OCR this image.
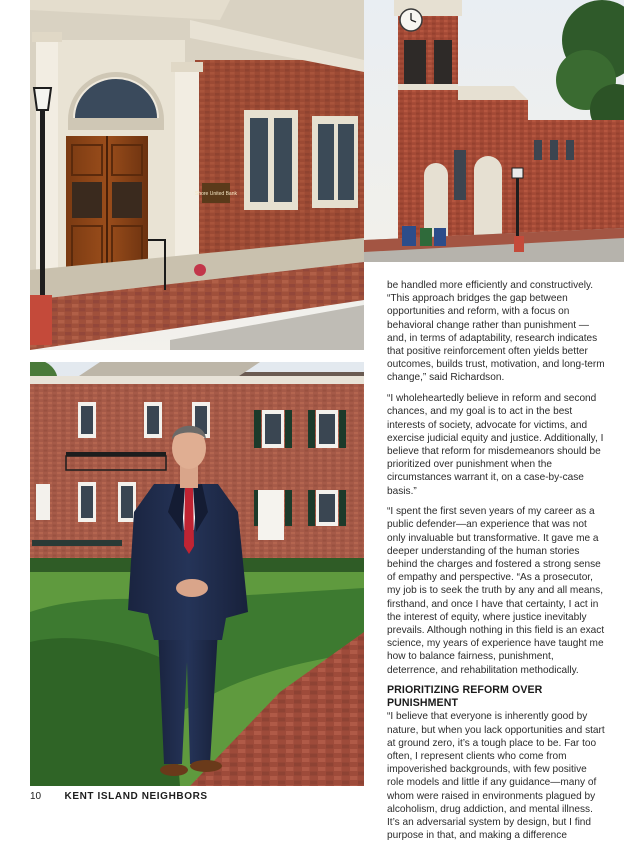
Shore United Bank

be handled more efficiently and constructively. “This approach bridges the gap between opportunities and reform, with a focus on behavioral change rather than punishment — and, in terms of adaptability, research indicates that positive reinforcement often yields better outcomes, builds trust, motivation, and long-term change,” said Richardson.

“I wholeheartedly believe in reform and second chances, and my goal is to act in the best interests of society, advocate for victims, and exercise judicial equity and justice. Additionally, I believe that reform for misdemeanors should be prioritized over punishment when the circumstances warrant it, on a case-by-case basis.”

“I spent the first seven years of my career as a public defender—an experience that was not only invaluable but transformative. It gave me a deeper understanding of the human stories behind the charges and fostered a strong sense of empathy and perspective. “As a prosecutor, my job is to seek the truth by any and all means, firsthand, and once I have that certainty, I act in the interest of equity, where justice inevitably prevails. Although nothing in this field is an exact science, my years of experience have taught me how to balance fairness, punishment, deterrence, and rehabilitation methodically.

PRIORITIZING REFORM OVER PUNISHMENT

“I believe that everyone is inherently good by nature, but when you lack opportunities and start at ground zero, it’s a tough place to be. Far too often, I represent clients who come from impoverished backgrounds, with few positive role models and little if any guidance—many of whom were raised in environments plagued by alcoholism, drug addiction, and mental illness. It’s an adversarial system by design, but I find purpose in that, and making a difference

10 KENT ISLAND NEIGHBORS
